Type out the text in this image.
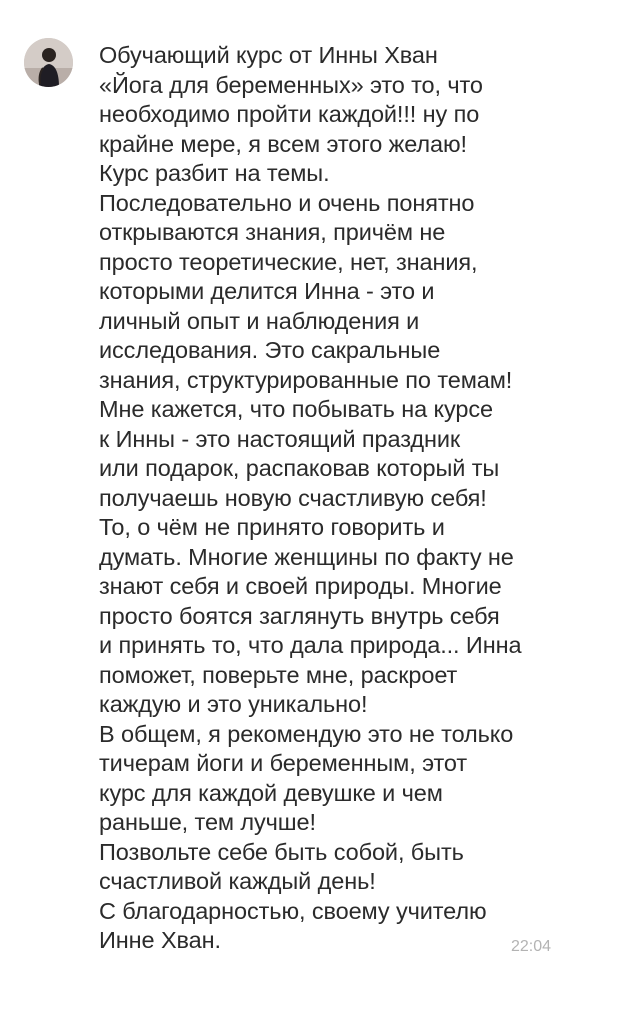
Обучающий курс от Инны Хван
«Йога для беременных» это то, что
необходимо пройти каждой!!! ну по
крайне мере, я всем этого желаю!
Курс разбит на темы.
Последовательно и очень понятно
открываются знания, причём не
просто теоретические, нет, знания,
которыми делится Инна - это и
личный опыт и наблюдения и
исследования. Это сакральные
знания, структурированные по темам!
Мне кажется, что побывать на курсе
к Инны - это настоящий праздник
или подарок, распаковав который ты
получаешь новую счастливую себя!
То, о чём не принято говорить и
думать. Многие женщины по факту не
знают себя и своей природы. Многие
просто боятся заглянуть внутрь себя
и принять то, что дала природа... Инна
поможет, поверьте мне, раскроет
каждую и это уникально!
В общем, я рекомендую это не только
тичерам йоги и беременным, этот
курс для каждой девушке и чем
раньше, тем лучше!
Позвольте себе быть собой, быть
счастливой каждый день!
С благодарностью, своему учителю
Инне Хван.	22:04
